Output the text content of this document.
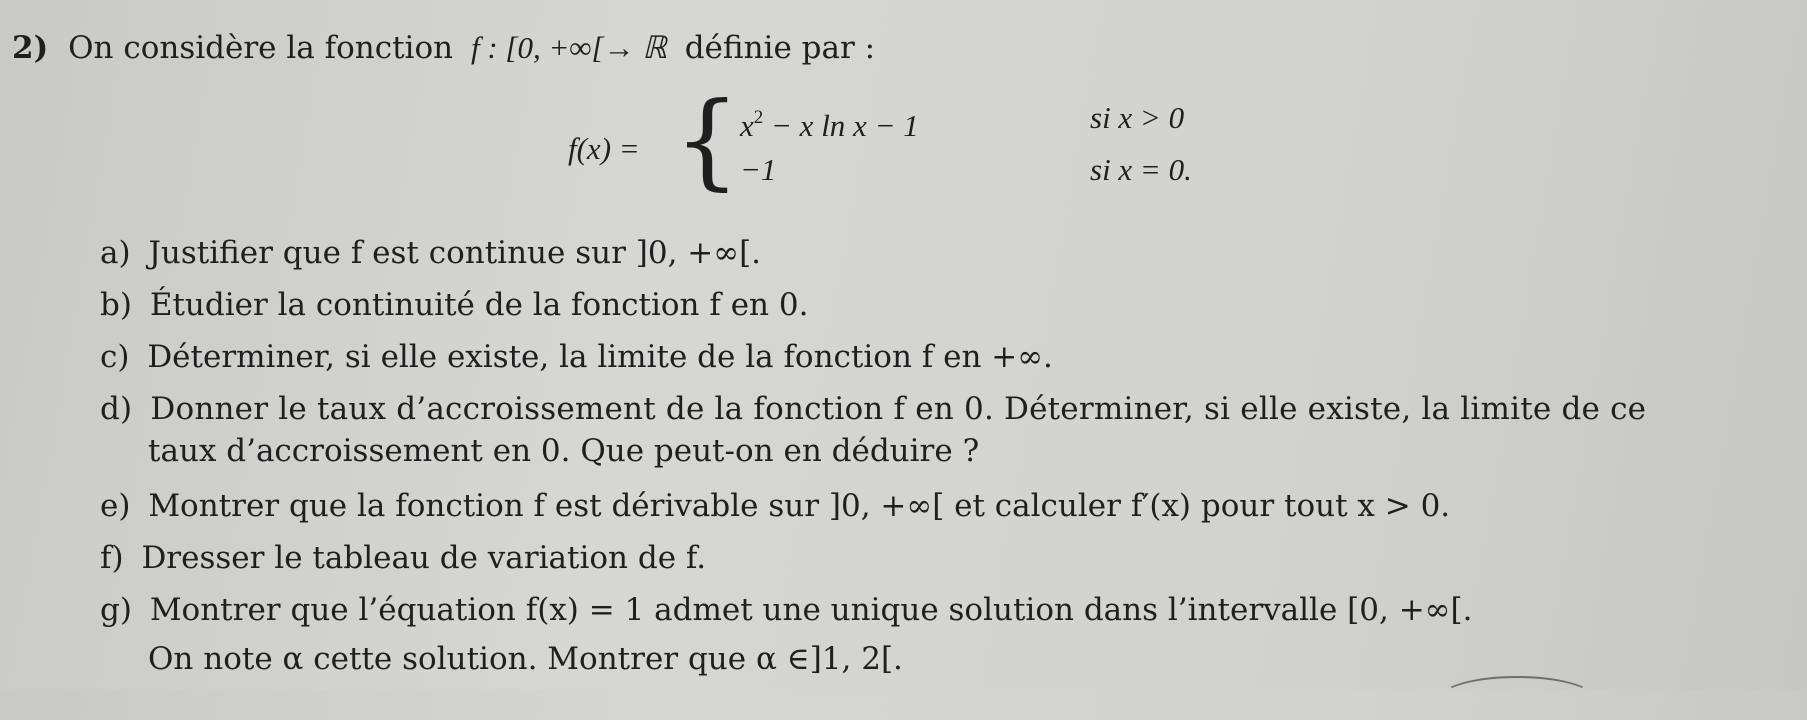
2) On considère la fonction f : [0, +∞[→ ℝ définie par :
f(x) = { $x^2 - x$ ln x − 1	si x > 0
−1	si x = 0.
a) Justifier que f est continue sur ]0, +∞[.
b) Étudier la continuité de la fonction f en 0.
c) Déterminer, si elle existe, la limite de la fonction f en +∞.
d) Donner le taux d’accroissement de la fonction f en 0. Déterminer, si elle existe, la limite de ce
taux d’accroissement en 0. Que peut-on en déduire ?
e) Montrer que la fonction f est dérivable sur ]0, +∞[ et calculer f′(x) pour tout x > 0.
f) Dresser le tableau de variation de f.
g) Montrer que l’équation f(x) = 1 admet une unique solution dans l’intervalle [0, +∞[.
On note α cette solution. Montrer que α ∈]1, 2[.
